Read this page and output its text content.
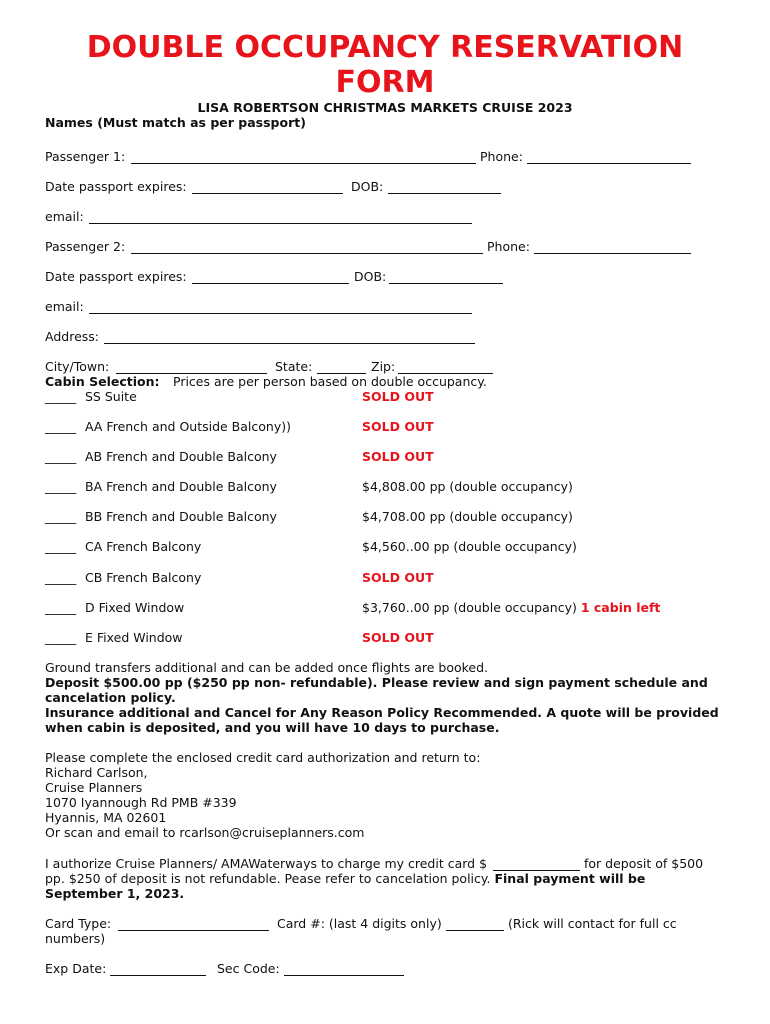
DOUBLE OCCUPANCY RESERVATION
FORM
LISA ROBERTSON CHRISTMAS MARKETS CRUISE 2023
Names (Must match as per passport)
Passenger 1:	Phone:
Date passport expires:	DOB:
email:
Passenger 2:	Phone:
Date passport expires:	DOB:
email:
Address:
City/Town:	State:	Zip:
Cabin Selection: Prices are per person based on double occupancy.
_____ SS Suite	SOLD OUT
_____ AA French and Outside Balcony))	SOLD OUT
_____ AB French and Double Balcony	SOLD OUT
_____ BA French and Double Balcony	$4,808.00 pp (double occupancy)
_____ BB French and Double Balcony	$4,708.00 pp (double occupancy)
_____ CA French Balcony	$4,560..00 pp (double occupancy)
_____ CB French Balcony	SOLD OUT
_____ D Fixed Window	$3,760..00 pp (double occupancy) 1 cabin left
_____ E Fixed Window	SOLD OUT
Ground transfers additional and can be added once flights are booked.
Deposit $500.00 pp ($250 pp non- refundable). Please review and sign payment schedule and
cancelation policy.
Insurance additional and Cancel for Any Reason Policy Recommended. A quote will be provided
when cabin is deposited, and you will have 10 days to purchase.
Please complete the enclosed credit card authorization and return to:
Richard Carlson,
Cruise Planners
1070 Iyannough Rd PMB #339
Hyannis, MA 02601
Or scan and email to rcarlson@cruiseplanners.com
I authorize Cruise Planners/ AMAWaterways to charge my credit card $	for deposit of $500
pp. $250 of deposit is not refundable. Pease refer to cancelation policy. Final payment will be
September 1, 2023.
Card Type:	Card #: (last 4 digits only)	(Rick will contact for full cc
numbers)
Exp Date:	Sec Code:
